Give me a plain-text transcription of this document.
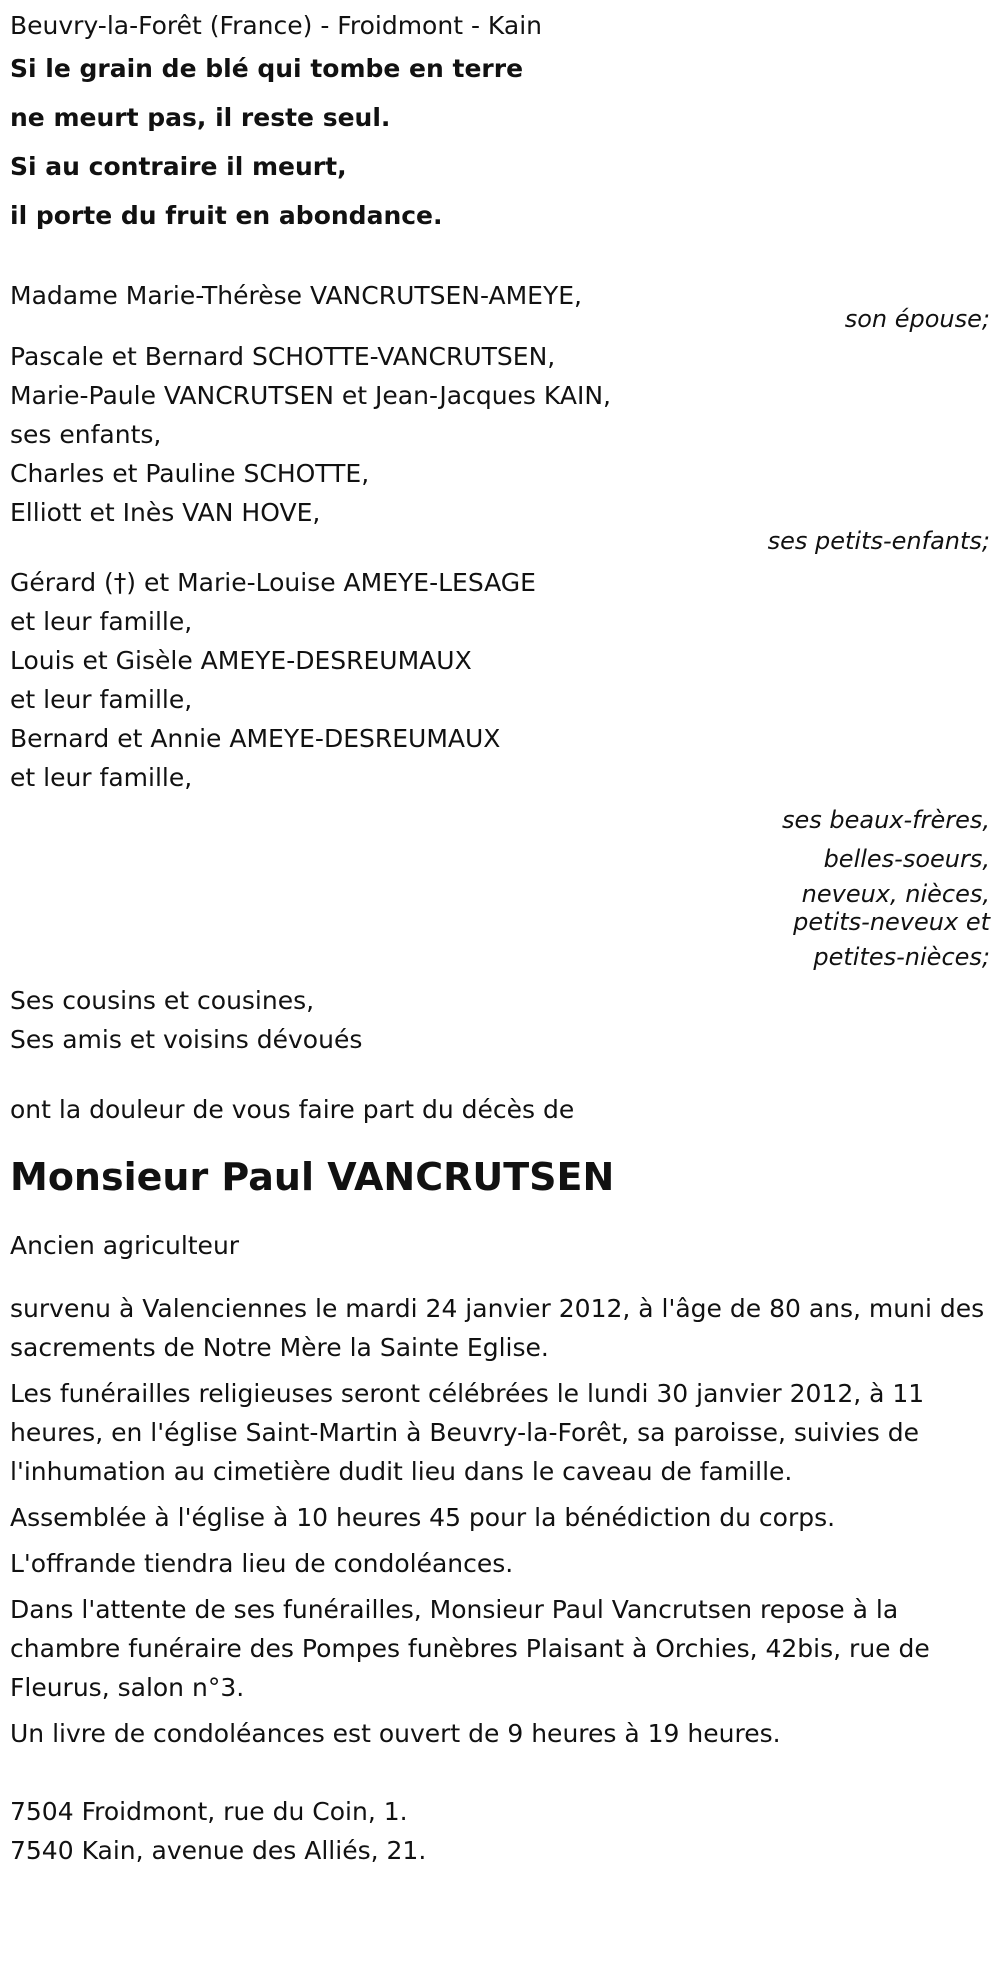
Beuvry-la-Forêt (France) - Froidmont - Kain
Si le grain de blé qui tombe en terre
ne meurt pas, il reste seul.
Si au contraire il meurt,
il porte du fruit en abondance.
Madame Marie-Thérèse VANCRUTSEN-AMEYE,
son épouse;
Pascale et Bernard SCHOTTE-VANCRUTSEN,
Marie-Paule VANCRUTSEN et Jean-Jacques KAIN,
ses enfants,
Charles et Pauline SCHOTTE,
Elliott et Inès VAN HOVE,
ses petits-enfants;
Gérard (†) et Marie-Louise AMEYE-LESAGE
et leur famille,
Louis et Gisèle AMEYE-DESREUMAUX
et leur famille,
Bernard et Annie AMEYE-DESREUMAUX
et leur famille,
ses beaux-frères,
belles-soeurs,
neveux, nièces,
petits-neveux et
petites-nièces;
Ses cousins et cousines,
Ses amis et voisins dévoués
ont la douleur de vous faire part du décès de
Monsieur Paul VANCRUTSEN
Ancien agriculteur
survenu à Valenciennes le mardi 24 janvier 2012, à l'âge de 80 ans, muni des sacrements de Notre Mère la Sainte Eglise.
Les funérailles religieuses seront célébrées le lundi 30 janvier 2012, à 11 heures, en l'église Saint-Martin à Beuvry-la-Forêt, sa paroisse, suivies de l'inhumation au cimetière dudit lieu dans le caveau de famille.
Assemblée à l'église à 10 heures 45 pour la bénédiction du corps.
L'offrande tiendra lieu de condoléances.
Dans l'attente de ses funérailles, Monsieur Paul Vancrutsen repose à la chambre funéraire des Pompes funèbres Plaisant à Orchies, 42bis, rue de Fleurus, salon n°3.
Un livre de condoléances est ouvert de 9 heures à 19 heures.
7504 Froidmont, rue du Coin, 1.
7540 Kain, avenue des Alliés, 21.
